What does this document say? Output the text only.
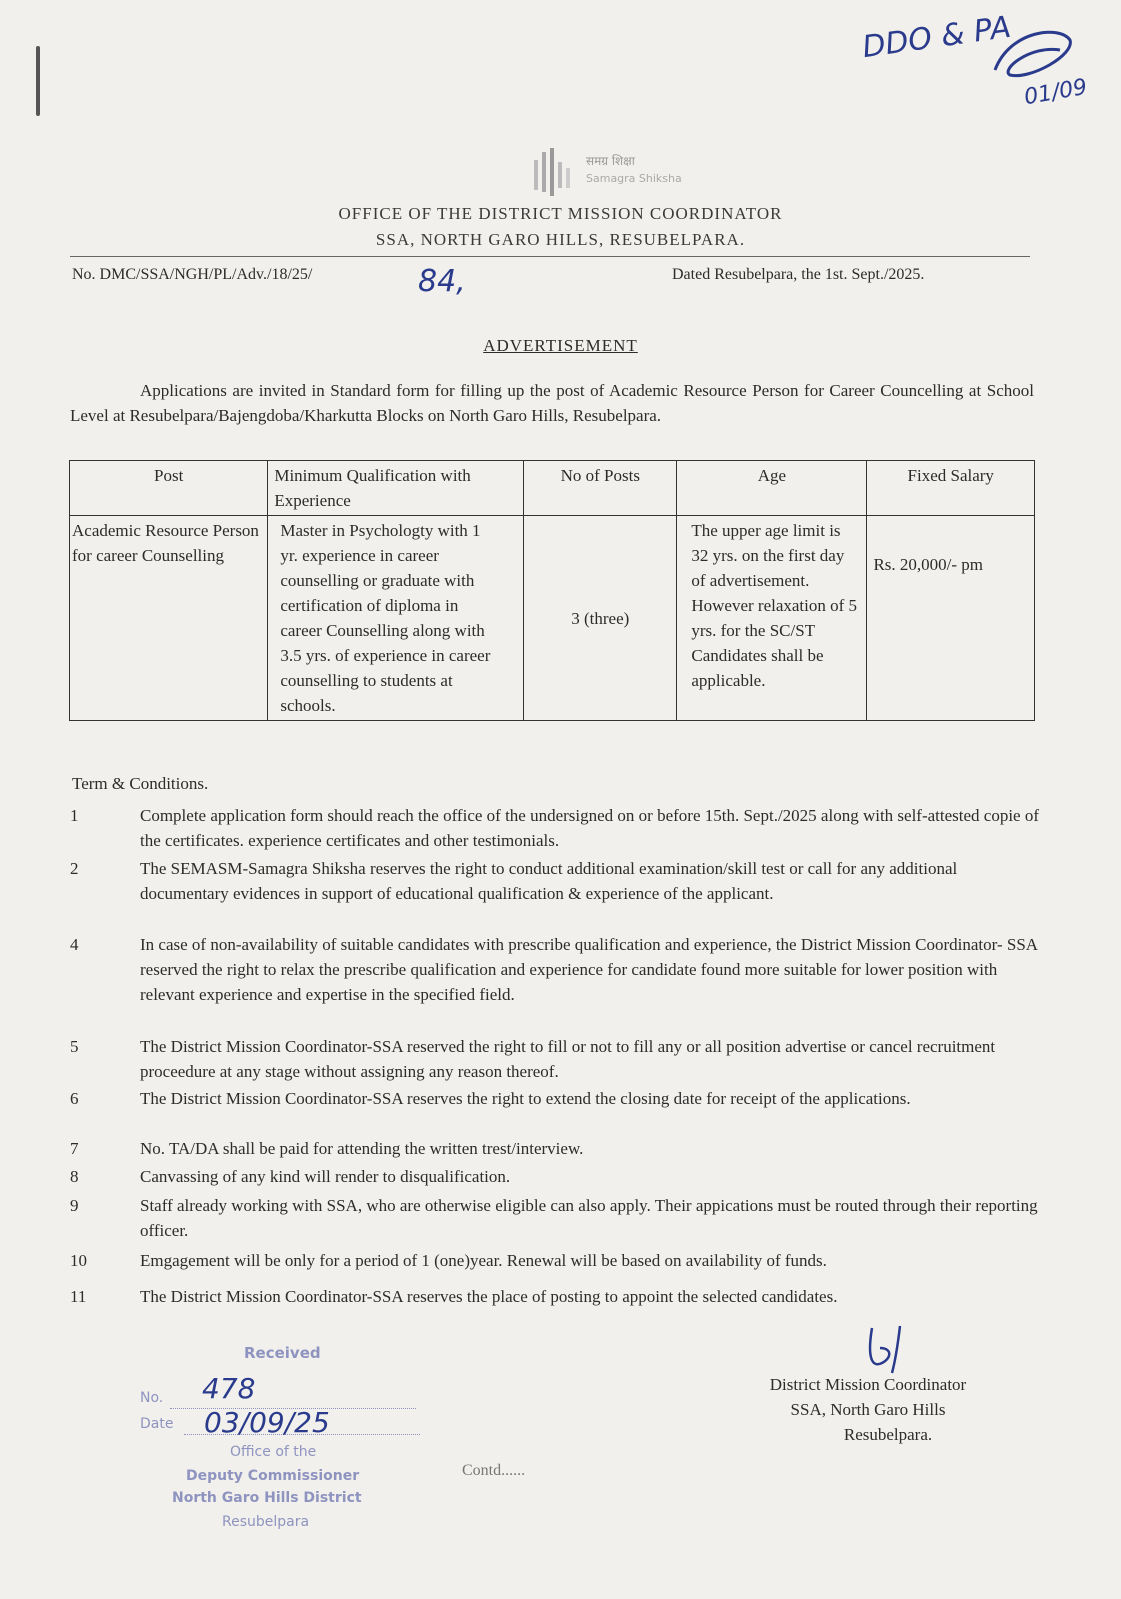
DDO & PA
01/09
समग्र शिक्षा
Samagra Shiksha
OFFICE OF THE DISTRICT MISSION COORDINATOR
SSA, NORTH GARO HILLS, RESUBELPARA.
No. DMC/SSA/NGH/PL/Adv./18/25/	84,	Dated Resubelpara, the 1st. Sept./2025.
ADVERTISEMENT
Applications are invited in Standard form for filling up the post of Academic Resource Person for Career Councelling at School Level at Resubelpara/Bajengdoba/Kharkutta Blocks on North Garo Hills, Resubelpara.
Post	Minimum Qualification with Experience	No of Posts	Age	Fixed Salary
Academic Resource Person for career Counselling	Master in Psychologty with 1 yr. experience in career counselling or graduate with certification of diploma in career Counselling along with 3.5 yrs. of experience in career counselling to students at schools.	3 (three)	The upper age limit is 32 yrs. on the first day of advertisement. However relaxation of 5 yrs. for the SC/ST Candidates shall be applicable.	Rs. 20,000/- pm
Term & Conditions.
1	Complete application form should reach the office of the undersigned on or before 15th. Sept./2025 along with self-attested copie of the certificates. experience certificates and other testimonials.
2	The SEMASM-Samagra Shiksha reserves the right to conduct additional examination/skill test or call for any additional documentary evidences in support of educational qualification & experience of the applicant.
4	In case of non-availability of suitable candidates with prescribe qualification and experience, the District Mission Coordinator- SSA reserved the right to relax the prescribe qualification and experience for candidate found more suitable for lower position with relevant experience and expertise in the specified field.
5	The District Mission Coordinator-SSA reserved the right to fill or not to fill any or all position advertise or cancel recruitment proceedure at any stage without assigning any reason thereof.
6	The District Mission Coordinator-SSA reserves the right to extend the closing date for receipt of the applications.
7	No. TA/DA shall be paid for attending the written trest/interview.
8	Canvassing of any kind will render to disqualification.
9	Staff already working with SSA, who are otherwise eligible can also apply. Their appications must be routed through their reporting officer.
10	Emgagement will be only for a period of 1 (one)year. Renewal will be based on availability of funds.
11	The District Mission Coordinator-SSA reserves the place of posting to appoint the selected candidates.
Received
No.
Date
Office of the
Deputy Commissioner
North Garo Hills District
Resubelpara
478
03/09/25
Contd......
District Mission Coordinator
SSA, North Garo Hills
Resubelpara.
